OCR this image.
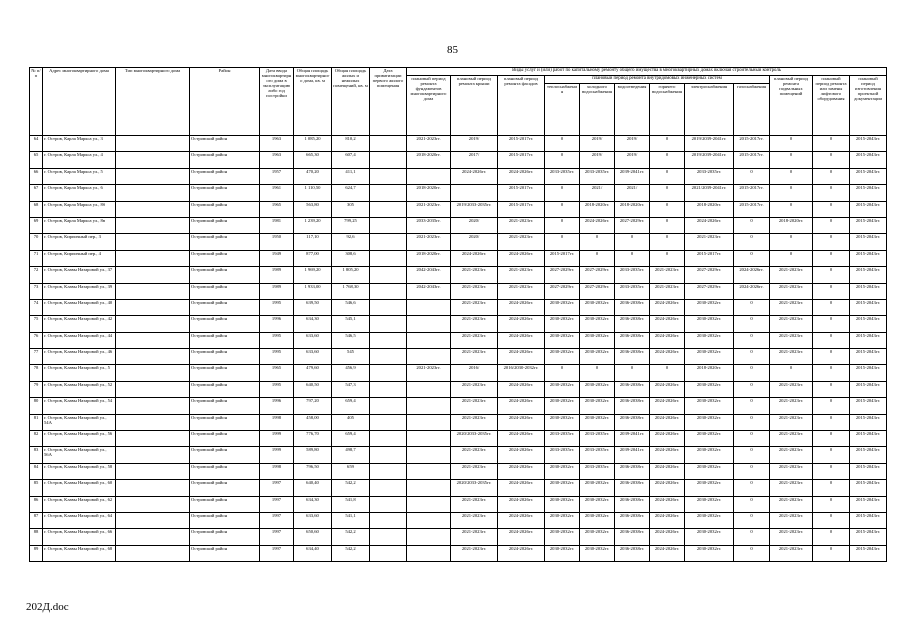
85
№ п/п	Адрес многоквартирного дома	Тип многоквартирного дома	Район	Дата ввода многоквартирного дома в эксплуатацию либо год постройки	Общая площадь многоквартирного дома, кв. м	Общая площадь жилых и нежилых помещений, кв. м	Дата приватизации первого жилого помещения	Виды услуг и (или) работ по капитальному ремонту общего имущества в многоквартирных домах включая строительный контроль											
								плановый период ремонта фундаментов многоквартирного дома	плановый период ремонта крыши	плановый период ремонта фасадов	плановый период ремонта внутридомовых инженерных систем						плановый период ремонта подвальных помещений	плановый период ремонта или замены лифтового оборудования	плановый период изготовления проектной документации
											теплоснабжения	холодного водоснабжения	водоотведения	горячего водоснабжения	электроснабжения	газоснабжения			
64	г. Остров, Карла Маркса ул., 3		Островский район	1963	1 085,20	810,2		2021-2023гг.	2019/	2015-2017гг.	0	2019/	2019/	0	2019/2039-2041гг.	2015-2017гг.	0	0	2015-2043гг.
65	г. Остров, Карла Маркса ул., 4		Островский район	1963	665,30	607,4		2018-2020гг.	2017/	2015-2017гг.	0	2019/	2019/	0	2019/2039-2041гг.	2015-2017гг.	0	0	2015-2043гг.
66	г. Остров, Карла Маркса ул., 5		Островский район	1957	470,20	411,1			2024-2026гг.	2024-2026гг.	2033-2035гг.	2033-2035гг.	2039-2041гг.	0	2033-2035гг.	0	0	0	2015-2043гг.
67	г. Остров, Карла Маркса ул., 6		Островский район	1961	1 110,50	624,7		2018-2020гг.		2015-2017гг.	0	2021/	2021/	0	2021/2039-2041гг.	2015-2017гг.	0	0	2015-2043гг.
68	г. Остров, Карла Маркса ул., 8б		Островский район	1965	563,80	305		2021-2023гг.	2019/2033-2035гг.	2015-2017гг.	0	2018-2020гг.	2018-2020гг.	0	2018-2020гг.	2015-2017гг.	0	0	2015-2043гг.
69	г. Остров, Карла Маркса ул., 8в		Островский район	1981	1 239,20	799,25		2033-2035гг.	2020/	2021-2023гг.	0	2024-2026гг.	2027-2029гг.	0	2024-2026гг.	0	2018-2020гг.	0	2015-2043гг.
70	г. Остров, Кирпичный пер., 3		Островский район	1950	117,10	92,6		2021-2023гг.	2020/	2021-2023гг.	0	0	0	0	2021-2023гг.	0	0	0	2015-2043гг.
71	г. Остров, Кирпичный пер., 4		Островский район	1949	877,00	308,6		2018-2020гг.	2024-2026гг.	2024-2026гг.	2015-2017гг.	0	0	0	2015-2017гг.	0	0	0	2015-2043гг.
72	г. Остров, Клавы Назаровой ул., 37		Островский район	1989	1 969,20	1 805,20		2042-2043гг.	2021-2023гг.	2021-2023гг.	2027-2029гг.	2027-2029гг.	2033-2035гг.	2021-2023гг.	2027-2029гг.	2024-2026гг.	2021-2023гг.	0	2015-2043гг.
73	г. Остров, Клавы Назаровой ул., 39		Островский район	1989	1 933,00	1 768,30		2042-2043гг.	2021-2023гг.	2021-2023гг.	2027-2029гг.	2027-2029гг.	2033-2035гг.	2021-2023гг.	2027-2029гг.	2024-2026гг.	2021-2023гг.	0	2015-2043гг.
74	г. Остров, Клавы Назаровой ул., 40		Островский район	1995	639,50	546,6			2021-2023гг.	2024-2026гг.	2030-2032гг.	2030-2032гг.	2036-2038гг.	2024-2026гг.	2030-2032гг.	0	2021-2023гг.	0	2015-2043гг.
75	г. Остров, Клавы Назаровой ул., 42		Островский район	1996	634,30	545,1			2021-2023гг.	2024-2026гг.	2030-2032гг.	2030-2032гг.	2036-2038гг.	2024-2026гг.	2030-2032гг.	0	2021-2023гг.	0	2015-2043гг.
76	г. Остров, Клавы Назаровой ул., 44		Островский район	1995	633,60	546,5			2021-2023гг.	2024-2026гг.	2030-2032гг.	2030-2032гг.	2036-2038гг.	2024-2026гг.	2030-2032гг.	0	2021-2023гг.	0	2015-2043гг.
77	г. Остров, Клавы Назаровой ул., 46		Островский район	1995	633,60	545			2021-2023гг.	2024-2026гг.	2030-2032гг.	2030-2032гг.	2036-2038гг.	2024-2026гг.	2030-2032гг.	0	2021-2023гг.	0	2015-2043гг.
78	г. Остров, Клавы Назаровой ул., 5		Островский район	1965	479,60	456,9		2021-2023гг.	2016/	2016/2030-2032гг.	0	0	0	0	2018-2020гг.	0	0	0	2015-2043гг.
79	г. Остров, Клавы Назаровой ул., 52		Островский район	1995	640,50	547,3			2021-2023гг.	2024-2026гг.	2030-2032гг.	2030-2032гг.	2036-2038гг.	2024-2026гг.	2030-2032гг.	0	2021-2023гг.	0	2015-2043гг.
80	г. Остров, Клавы Назаровой ул., 54		Островский район	1996	797,20	659,4			2021-2023гг.	2024-2026гг.	2030-2032гг.	2030-2032гг.	2036-2038гг.	2024-2026гг.	2030-2032гг.	0	2021-2023гг.	0	2015-2043гг.
81	г. Остров, Клавы Назаровой ул., 54А		Островский район	1998	458,00	405			2021-2023гг.	2024-2026гг.	2030-2032гг.	2030-2032гг.	2036-2038гг.	2024-2026гг.	2030-2032гг.	0	2021-2023гг.	0	2015-2043гг.
82	г. Остров, Клавы Назаровой ул., 56		Островский район	1999	776,70	659,4			2020/2033-2035гг.	2024-2026гг.	2033-2035гг.	2033-2035гг.	2039-2041гг.	2024-2026гг.	2030-2032гг.	0	2021-2023гг.	0	2015-2043гг.
83	г. Остров, Клавы Назаровой ул., 56А		Островский район	1999	589,80	498,7			2021-2023гг.	2024-2026гг.	2033-2035гг.	2033-2035гг.	2039-2041гг.	2024-2026гг.	2030-2032гг.	0	2021-2023гг.	0	2015-2043гг.
84	г. Остров, Клавы Назаровой ул., 58		Островский район	1998	796,50	659			2021-2023гг.	2024-2026гг.	2030-2032гг.	2033-2035гг.	2036-2038гг.	2024-2026гг.	2030-2032гг.	0	2021-2023гг.	0	2015-2043гг.
85	г. Остров, Клавы Назаровой ул., 60		Островский район	1997	640,40	542,2			2020/2033-2035гг.	2024-2026гг.	2030-2032гг.	2030-2032гг.	2036-2038гг.	2024-2026гг.	2030-2032гг.	0	2021-2023гг.	0	2015-2043гг.
86	г. Остров, Клавы Назаровой ул., 62		Островский район	1997	634,30	541,8			2021-2023гг.	2024-2026гг.	2030-2032гг.	2030-2032гг.	2036-2038гг.	2024-2026гг.	2030-2032гг.	0	2021-2023гг.	0	2015-2043гг.
87	г. Остров, Клавы Назаровой ул., 64		Островский район	1997	633,60	541,1			2021-2023гг.	2024-2026гг.	2030-2032гг.	2030-2032гг.	2036-2038гг.	2024-2026гг.	2030-2032гг.	0	2021-2023гг.	0	2015-2043гг.
88	г. Остров, Клавы Назаровой ул., 66		Островский район	1997	650,60	542,2			2021-2023гг.	2024-2026гг.	2030-2032гг.	2030-2032гг.	2036-2038гг.	2024-2026гг.	2030-2032гг.	0	2021-2023гг.	0	2015-2043гг.
89	г. Остров, Клавы Назаровой ул., 68		Островский район	1997	634,40	542,2			2021-2023гг.	2024-2026гг.	2030-2032гг.	2030-2032гг.	2036-2038гг.	2024-2026гг.	2030-2032гг.	0	2021-2023гг.	0	2015-2043гг.
202Д.doc
